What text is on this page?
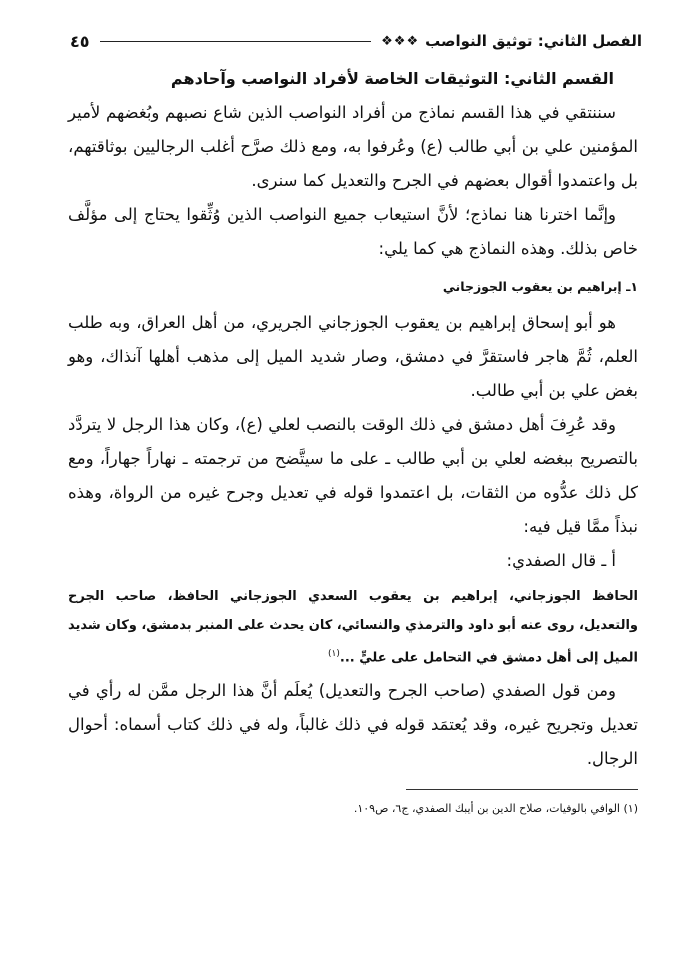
الفصل الثاني: توثيق النواصب
❖❖❖
٤٥

القسم الثاني: التوثيقات الخاصة لأفراد النواصب وآحادهم

سننتقي في هذا القسم نماذج من أفراد النواصب الذين شاع نصبهم وبُغضهم لأمير المؤمنين علي بن أبي طالب (ع) وعُرفوا به، ومع ذلك صرَّح أغلب الرجاليين بوثاقتهم، بل واعتمدوا أقوال بعضهم في الجرح والتعديل كما سنرى.

وإنَّما اخترنا هنا نماذج؛ لأنَّ استيعاب جميع النواصب الذين وُثِّقوا يحتاج إلى مؤلَّف خاص بذلك. وهذه النماذج هي كما يلي:

١ـ إبراهيم بن يعقوب الجوزجاني

هو أبو إسحاق إبراهيم بن يعقوب الجوزجاني الجريري، من أهل العراق، وبه طلب العلم، ثُمَّ هاجر فاستقرَّ في دمشق، وصار شديد الميل إلى مذهب أهلها آنذاك، وهو بغض علي بن أبي طالب.

وقد عُرِفَ أهل دمشق في ذلك الوقت بالنصب لعلي (ع)، وكان هذا الرجل لا يتردَّد بالتصريح ببغضه لعلي بن أبي طالب ـ على ما سيتَّضح من ترجمته ـ نهاراً جهاراً، ومع كل ذلك عدُّوه من الثقات، بل اعتمدوا قوله في تعديل وجرح غيره من الرواة، وهذه نبذاً ممَّا قيل فيه:

أ ـ قال الصفدي:

الحافظ الجوزجاني، إبراهيم بن يعقوب السعدي الجوزجاني الحافظ، صاحب الجرح والتعديل، روى عنه أبو داود والترمذي والنسائي، كان يحدث على المنبر بدمشق، وكان شديد الميل إلى أهل دمشق في التحامل على عليٍّ ...$^{(١)}$

ومن قول الصفدي (صاحب الجرح والتعديل) يُعلَم أنَّ هذا الرجل ممَّن له رأي في تعديل وتجريح غيره، وقد يُعتمَد قوله في ذلك غالباً، وله في ذلك كتاب أسماه: أحوال الرجال.

(١) الوافي بالوفيات، صلاح الدين بن أيبك الصفدي، ج٦، ص١٠٩.
